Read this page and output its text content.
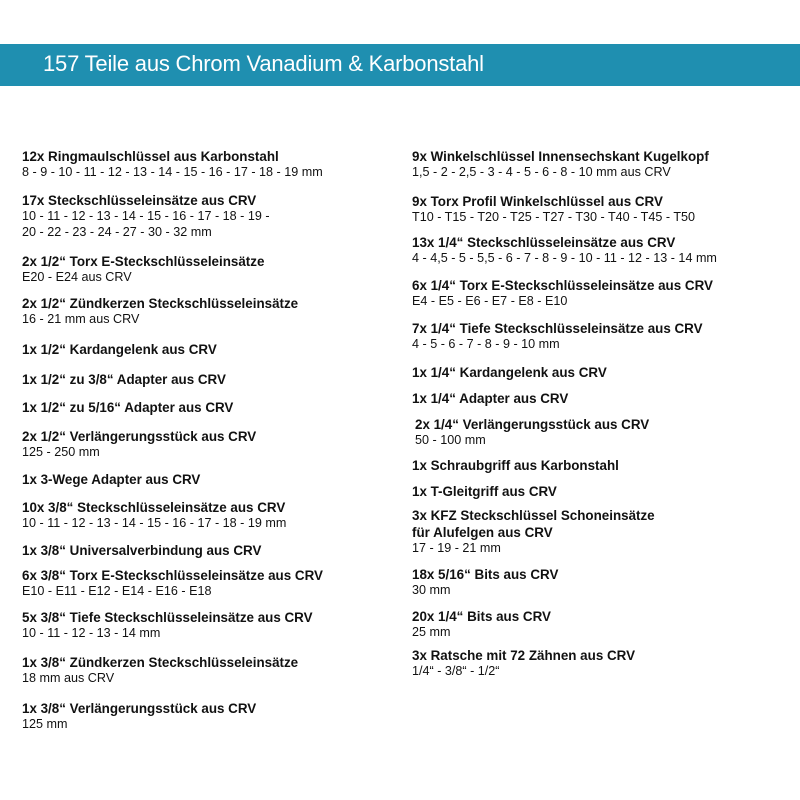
157 Teile aus Chrom Vanadium & Karbonstahl
12x Ringmaulschlüssel aus Karbonstahl
8 - 9 - 10 - 11 - 12 - 13 - 14 - 15 - 16 - 17 - 18 - 19 mm
17x Steckschlüsseleinsätze aus CRV
10 - 11 - 12 - 13 - 14 - 15 - 16 - 17 - 18 - 19 -
20 - 22 - 23 - 24 - 27 - 30 - 32 mm
2x 1/2“ Torx E-Steckschlüsseleinsätze
E20 - E24 aus CRV
2x 1/2“ Zündkerzen Steckschlüsseleinsätze
16 - 21 mm aus CRV
1x 1/2“ Kardangelenk aus CRV
1x 1/2“ zu 3/8“ Adapter aus CRV
1x 1/2“ zu 5/16“ Adapter aus CRV
2x 1/2“ Verlängerungsstück aus CRV
125 - 250 mm
1x 3-Wege Adapter aus CRV
10x 3/8“ Steckschlüsseleinsätze aus CRV
10 - 11 - 12 - 13 - 14 - 15 - 16 - 17 - 18 - 19 mm
1x 3/8“ Universalverbindung aus CRV
6x 3/8“ Torx E-Steckschlüsseleinsätze aus CRV
E10 - E11 - E12 - E14 - E16 - E18
5x 3/8“ Tiefe Steckschlüsseleinsätze aus CRV
10 - 11 - 12 - 13 - 14 mm
1x 3/8“ Zündkerzen Steckschlüsseleinsätze
18 mm aus CRV
1x 3/8“ Verlängerungsstück aus CRV
125 mm
9x Winkelschlüssel Innensechskant Kugelkopf
1,5 - 2 - 2,5 - 3 - 4 - 5 - 6 - 8 - 10 mm aus CRV
9x Torx Profil Winkelschlüssel aus CRV
T10 - T15 - T20 - T25 - T27 - T30 - T40 - T45 - T50
13x 1/4“ Steckschlüsseleinsätze aus CRV
4 - 4,5 - 5 - 5,5 - 6 - 7 - 8 - 9 - 10 - 11 - 12 - 13 - 14 mm
6x 1/4“ Torx E-Steckschlüsseleinsätze aus CRV
E4 - E5 - E6 - E7 - E8 - E10
7x 1/4“ Tiefe Steckschlüsseleinsätze aus CRV
4 - 5 - 6 - 7 - 8 - 9 - 10 mm
1x 1/4“ Kardangelenk aus CRV
1x 1/4“ Adapter aus CRV
2x 1/4“ Verlängerungsstück aus CRV
50 - 100 mm
1x Schraubgriff aus Karbonstahl
1x T-Gleitgriff aus CRV
3x KFZ Steckschlüssel Schoneinsätze
für Alufelgen aus CRV
17 - 19 - 21 mm
18x 5/16“ Bits aus CRV
30 mm
20x 1/4“ Bits aus CRV
25 mm
3x Ratsche mit 72 Zähnen aus CRV
1/4“ - 3/8“ - 1/2“
